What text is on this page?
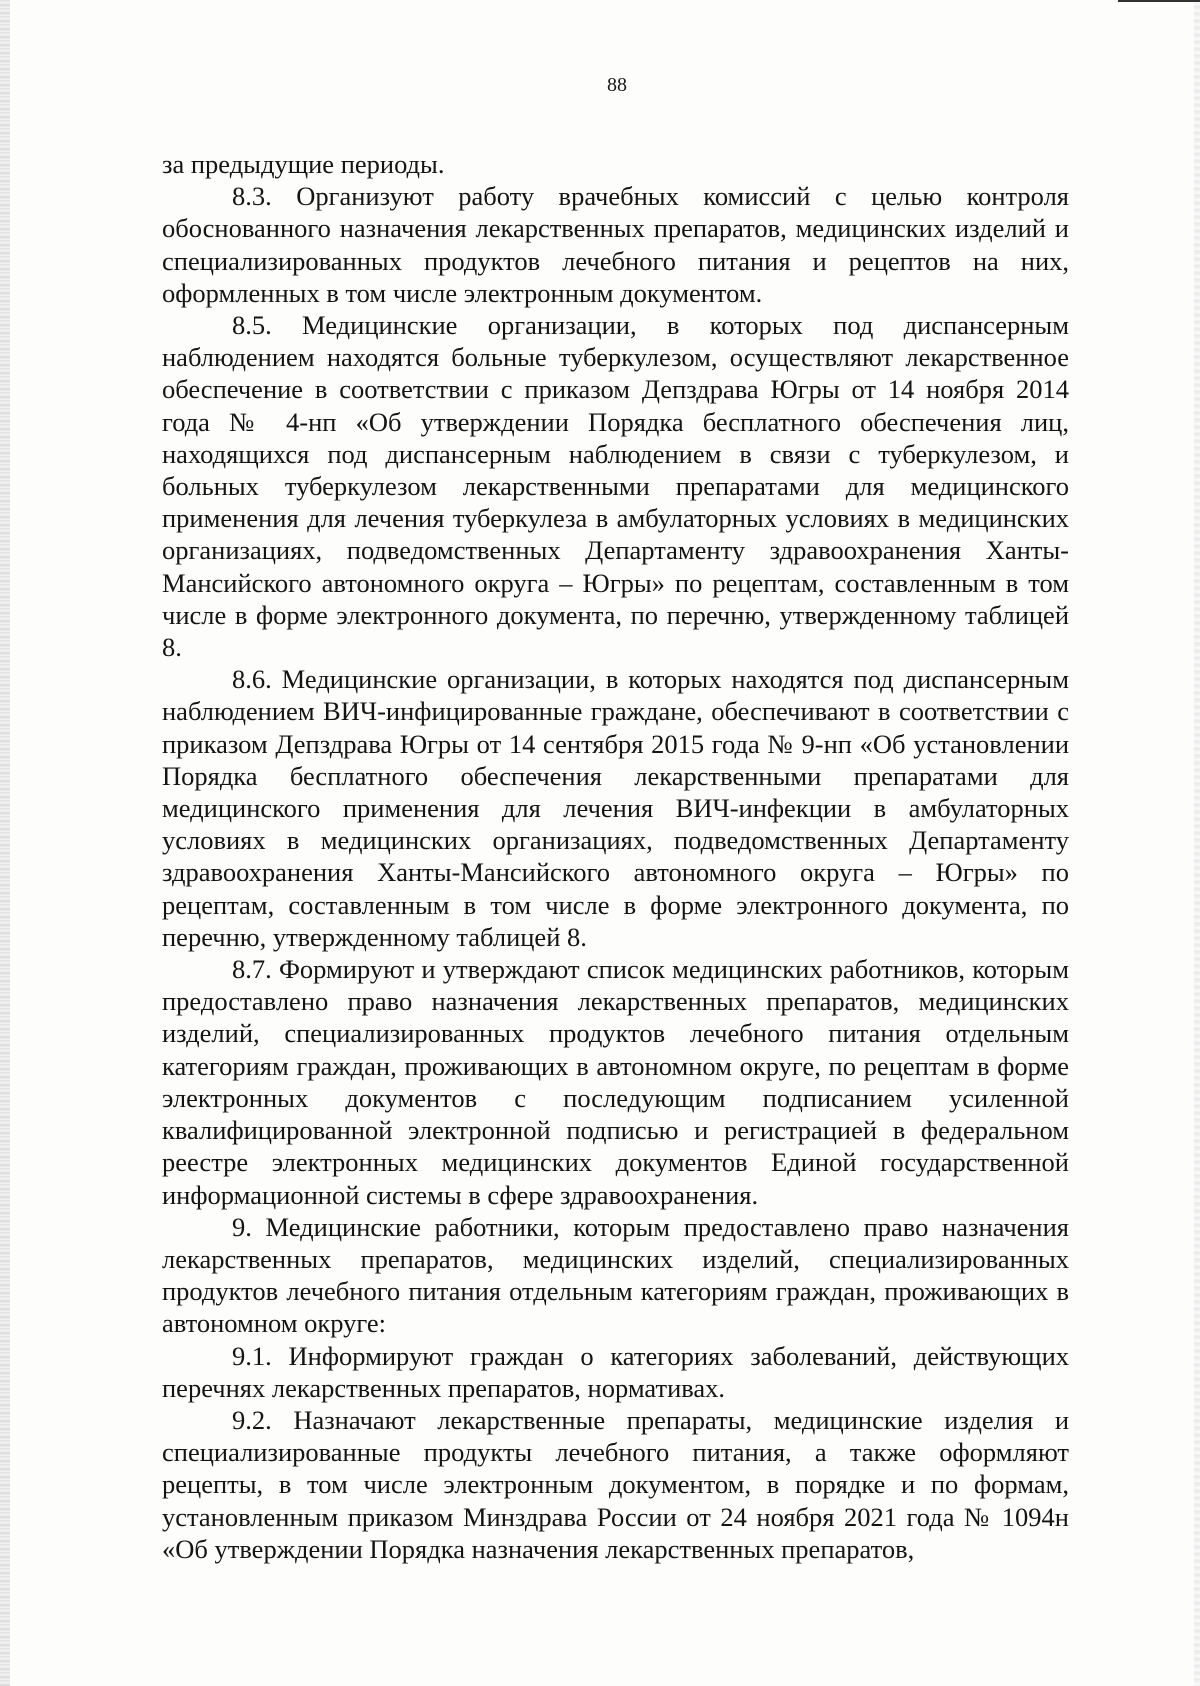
88

за предыдущие периоды.

8.3. Организуют работу врачебных комиссий с целью контроля обоснованного назначения лекарственных препаратов, медицинских изделий и специализированных продуктов лечебного питания и рецептов на них, оформленных в том числе электронным документом.

8.5. Медицинские организации, в которых под диспансерным наблюдением находятся больные туберкулезом, осуществляют лекарственное обеспечение в соответствии с приказом Депздрава Югры от 14 ноября 2014 года № 4-нп «Об утверждении Порядка бесплатного обеспечения лиц, находящихся под диспансерным наблюдением в связи с туберкулезом, и больных туберкулезом лекарственными препаратами для медицинского применения для лечения туберкулеза в амбулаторных условиях в медицинских организациях, подведомственных Департаменту здравоохранения Ханты-Мансийского автономного округа – Югры» по рецептам, составленным в том числе в форме электронного документа, по перечню, утвержденному таблицей 8.

8.6. Медицинские организации, в которых находятся под диспансерным наблюдением ВИЧ-инфицированные граждане, обеспечивают в соответствии с приказом Депздрава Югры от 14 сентября 2015 года № 9-нп «Об установлении Порядка бесплатного обеспечения лекарственными препаратами для медицинского применения для лечения ВИЧ-инфекции в амбулаторных условиях в медицинских организациях, подведомственных Департаменту здравоохранения Ханты-Мансийского автономного округа – Югры» по рецептам, составленным в том числе в форме электронного документа, по перечню, утвержденному таблицей 8.

8.7. Формируют и утверждают список медицинских работников, которым предоставлено право назначения лекарственных препаратов, медицинских изделий, специализированных продуктов лечебного питания отдельным категориям граждан, проживающих в автономном округе, по рецептам в форме электронных документов с последующим подписанием усиленной квалифицированной электронной подписью и регистрацией в федеральном реестре электронных медицинских документов Единой государственной информационной системы в сфере здравоохранения.

9. Медицинские работники, которым предоставлено право назначения лекарственных препаратов, медицинских изделий, специализированных продуктов лечебного питания отдельным категориям граждан, проживающих в автономном округе:

9.1. Информируют граждан о категориях заболеваний, действующих перечнях лекарственных препаратов, нормативах.

9.2. Назначают лекарственные препараты, медицинские изделия и специализированные продукты лечебного питания, а также оформляют рецепты, в том числе электронным документом, в порядке и по формам, установленным приказом Минздрава России от 24 ноября 2021 года № 1094н «Об утверждении Порядка назначения лекарственных препаратов,
